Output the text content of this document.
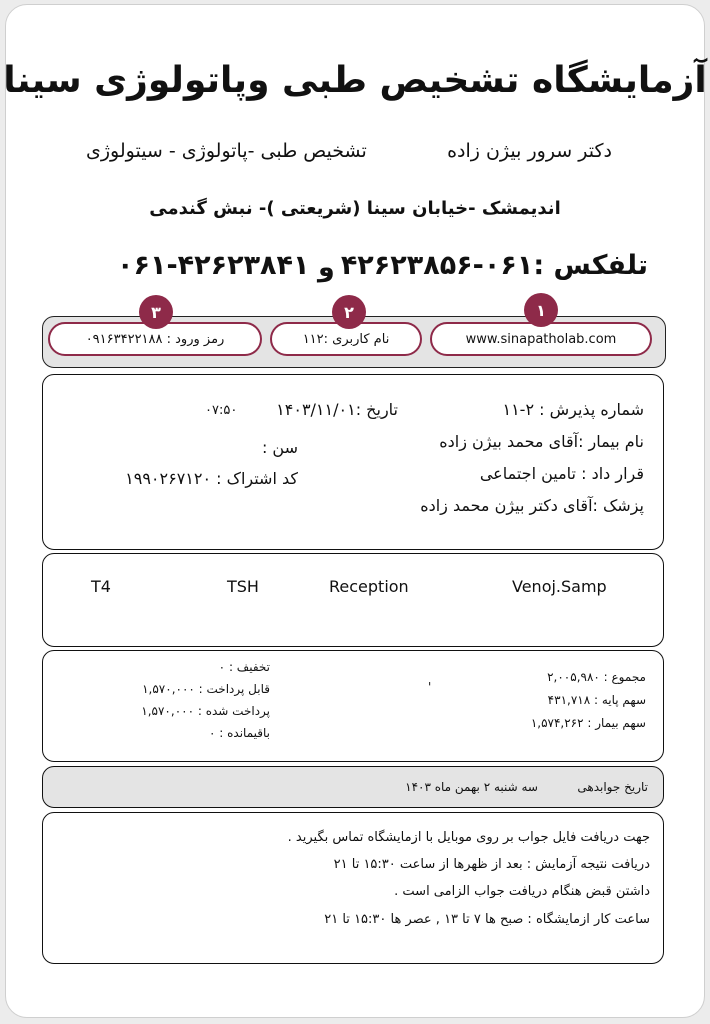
آزمایشگاه تشخیص طبی وپاتولوژی سینا
دکتر سرور بیژن زاده
تشخیص طبی -پاتولوژی - سیتولوژی
اندیمشک -خیابان سینا (شریعتی )- نبش گندمی
تلفکس :۰۶۱-۴۲۶۲۳۸۵۶
و
۰۶۱-۴۲۶۲۳۸۴۱
رمز ورود : ۰۹۱۶۳۴۲۲۱۸۸	نام کاربری :۱۱۲	www.sinapatholab.com
۱
۲
۳
شماره پذیرش : ۲-۱۱
تاریخ :۱۴۰۳/۱۱/۰۱
۰۷:۵۰
نام بیمار :آقای محمد بیژن زاده
سن :
قرار داد : تامین اجتماعی
کد اشتراک : ۱۹۹۰۲۶۷۱۲۰
پزشک :آقای دکتر بیژن محمد زاده
Venoj.Samp
Reception
TSH
T4
مجموع : ۲,۰۰۵,۹۸۰
سهم پایه : ۴۳۱,۷۱۸
سهم بیمار : ۱,۵۷۴,۲۶۲
'
تخفیف : ۰
قابل پرداخت : ۱,۵۷۰,۰۰۰
پرداخت شده : ۱,۵۷۰,۰۰۰
باقیمانده : ۰
تاریخ جوابدهی
سه شنبه ۲ بهمن ماه ۱۴۰۳
جهت دریافت فایل جواب بر روی موبایل با ازمایشگاه تماس بگیرید .
دریافت نتیجه آزمایش : بعد از ظهرها از ساعت ۱۵:۳۰ تا ۲۱
داشتن قبض هنگام دریافت جواب الزامی است .
ساعت کار ازمایشگاه : صبح ها ۷ تا ۱۳ , عصر ها ۱۵:۳۰ تا ۲۱
